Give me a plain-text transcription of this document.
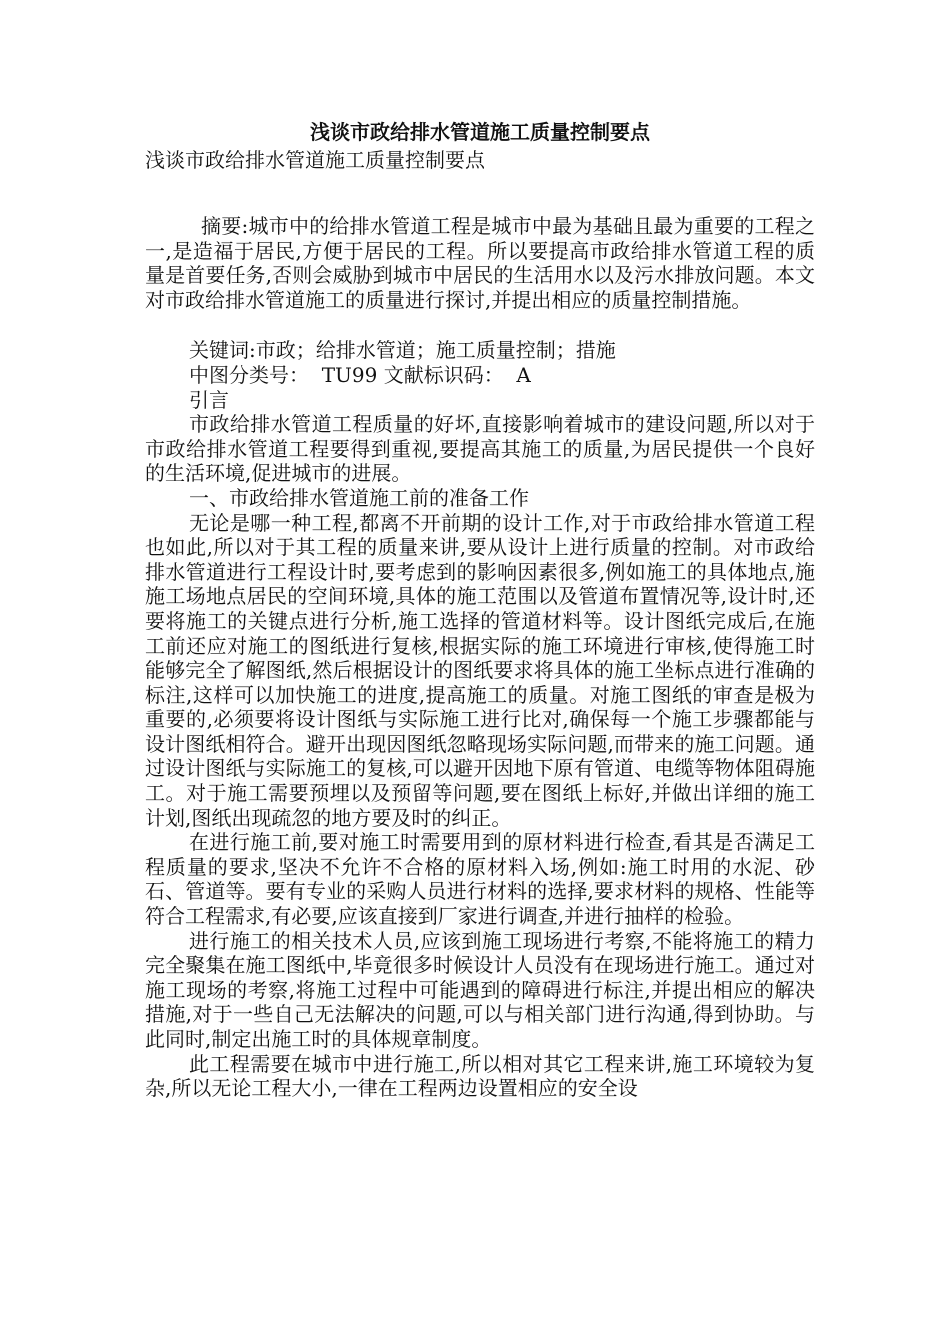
浅谈市政给排水管道施工质量控制要点
浅谈市政给排水管道施工质量控制要点

摘要:城市中的给排水管道工程是城市中最为基础且最为重要的工程之一,是造福于居民,方便于居民的工程。所以要提高市政给排水管道工程的质量是首要任务,否则会威胁到城市中居民的生活用水以及污水排放问题。本文对市政给排水管道施工的质量进行探讨,并提出相应的质量控制措施。

关键词:市政；给排水管道；施工质量控制；措施

中图分类号：  TU99 文献标识码：  A

引言

市政给排水管道工程质量的好坏,直接影响着城市的建设问题,所以对于市政给排水管道工程要得到重视,要提高其施工的质量,为居民提供一个良好的生活环境,促进城市的进展。

一、市政给排水管道施工前的准备工作

无论是哪一种工程,都离不开前期的设计工作,对于市政给排水管道工程也如此,所以对于其工程的质量来讲,要从设计上进行质量的控制。对市政给排水管道进行工程设计时,要考虑到的影响因素很多,例如施工的具体地点,施施工场地点居民的空间环境,具体的施工范围以及管道布置情况等,设计时,还要将施工的关键点进行分析,施工选择的管道材料等。设计图纸完成后,在施工前还应对施工的图纸进行复核,根据实际的施工环境进行审核,使得施工时能够完全了解图纸,然后根据设计的图纸要求将具体的施工坐标点进行准确的标注,这样可以加快施工的进度,提高施工的质量。对施工图纸的审查是极为重要的,必须要将设计图纸与实际施工进行比对,确保每一个施工步骤都能与设计图纸相符合。避开出现因图纸忽略现场实际问题,而带来的施工问题。通过设计图纸与实际施工的复核,可以避开因地下原有管道、电缆等物体阻碍施工。对于施工需要预埋以及预留等问题,要在图纸上标好,并做出详细的施工计划,图纸出现疏忽的地方要及时的纠正。

在进行施工前,要对施工时需要用到的原材料进行检查,看其是否满足工程质量的要求,坚决不允许不合格的原材料入场,例如:施工时用的水泥、砂石、管道等。要有专业的采购人员进行材料的选择,要求材料的规格、性能等符合工程需求,有必要,应该直接到厂家进行调查,并进行抽样的检验。

进行施工的相关技术人员,应该到施工现场进行考察,不能将施工的精力完全聚集在施工图纸中,毕竟很多时候设计人员没有在现场进行施工。通过对施工现场的考察,将施工过程中可能遇到的障碍进行标注,并提出相应的解决措施,对于一些自己无法解决的问题,可以与相关部门进行沟通,得到协助。与此同时,制定出施工时的具体规章制度。

此工程需要在城市中进行施工,所以相对其它工程来讲,施工环境较为复杂,所以无论工程大小,一律在工程两边设置相应的安全设
